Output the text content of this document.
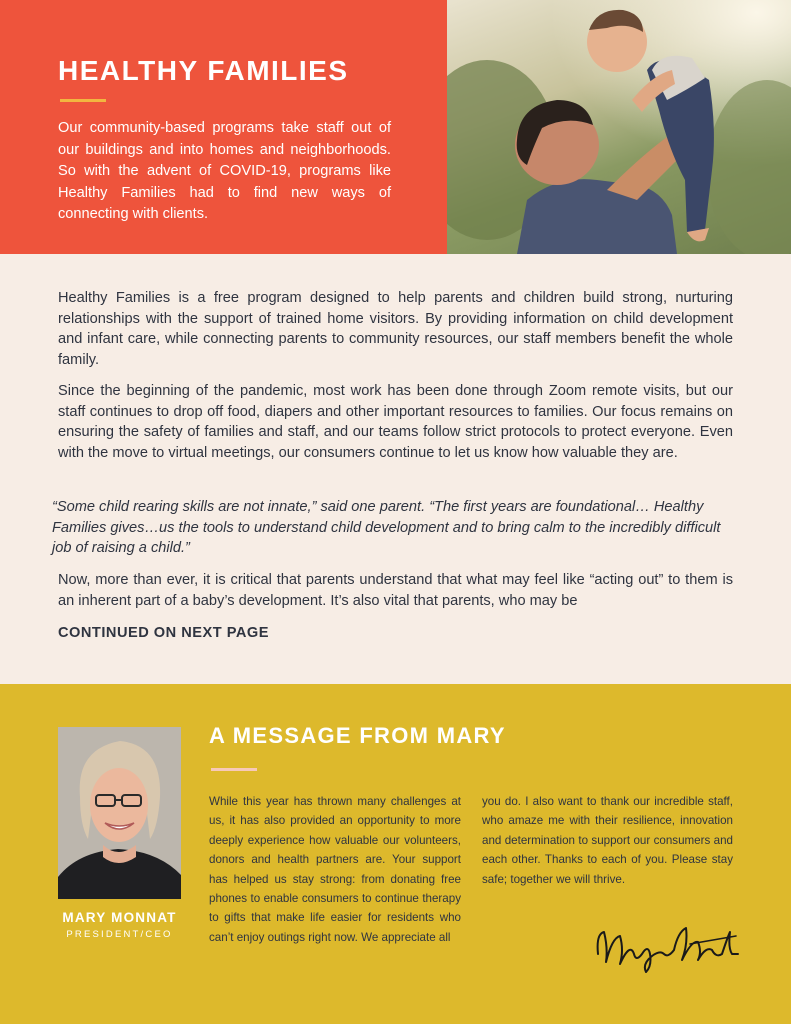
HEALTHY FAMILIES

Our community-based programs take staff out of our buildings and into homes and neighborhoods. So with the advent of COVID-19, programs like Healthy Families had to find new ways of connecting with clients.

Healthy Families is a free program designed to help parents and children build strong, nurturing relationships with the support of trained home visitors. By providing information on child development and infant care, while connecting parents to community resources, our staff members benefit the whole family.

Since the beginning of the pandemic, most work has been done through Zoom remote visits, but our staff continues to drop off food, diapers and other important resources to families. Our focus remains on ensuring the safety of families and staff, and our teams follow strict protocols to protect everyone. Even with the move to virtual meetings, our consumers continue to let us know how valuable they are.

“Some child rearing skills are not innate,” said one parent. “The first years are foundational… Healthy Families gives…us the tools to understand child development and to bring calm to the incredibly difficult job of raising a child.”

Now, more than ever, it is critical that parents understand that what may feel like “acting out” to them is an inherent part of a baby’s development. It’s also vital that parents, who may be

CONTINUED ON NEXT PAGE

MARY MONNAT
PRESIDENT/CEO
A MESSAGE FROM MARY

While this year has thrown many challenges at us, it has also provided an opportunity to more deeply experience how valuable our volunteers, donors and health partners are. Your support has helped us stay strong: from donating free phones to enable consumers to continue therapy to gifts that make life easier for residents who can’t enjoy outings right now. We appreciate all

you do. I also want to thank our incredible staff, who amaze me with their resilience, innovation and determination to support our consumers and each other. Thanks to each of you. Please stay safe; together we will thrive.
